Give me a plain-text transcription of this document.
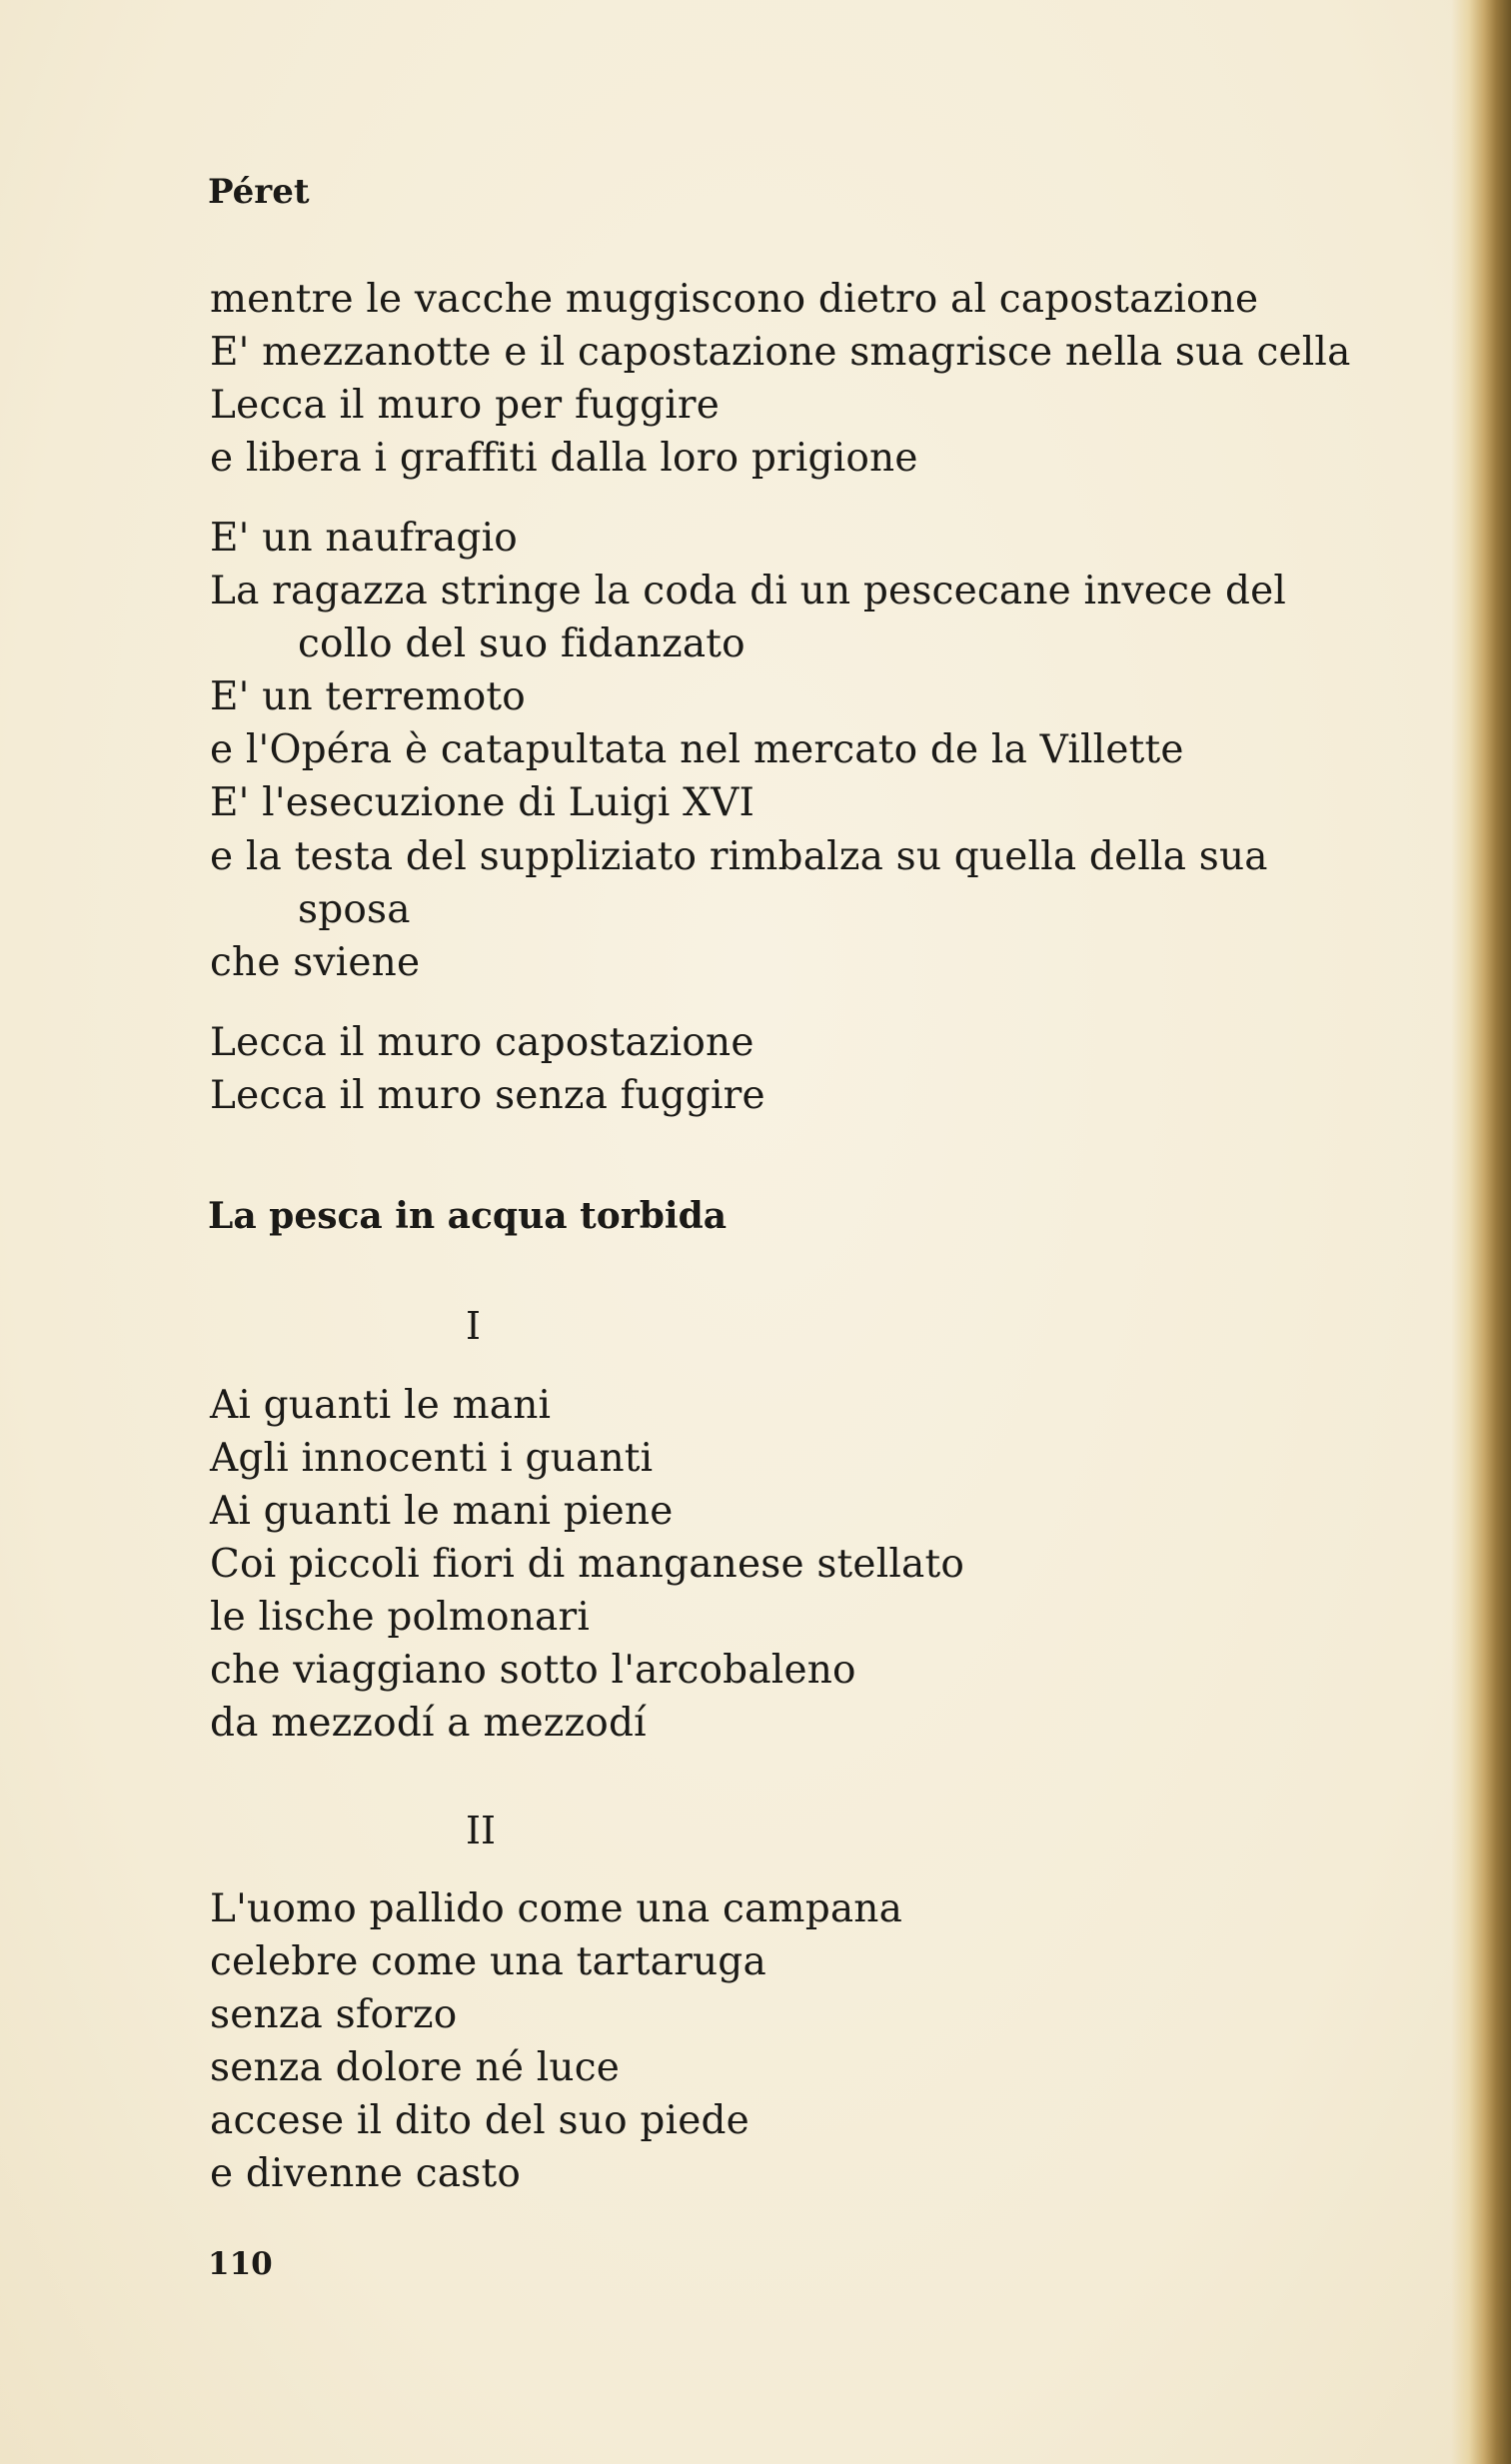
Péret

mentre le vacche muggiscono dietro al capostazione

E' mezzanotte e il capostazione smagrisce nella sua cella

Lecca il muro per fuggire

e libera i graffiti dalla loro prigione

E' un naufragio

La ragazza stringe la coda di un pescecane invece del

collo del suo fidanzato

E' un terremoto

e l'Opéra è catapultata nel mercato de la Villette

E' l'esecuzione di Luigi XVI

e la testa del suppliziato rimbalza su quella della sua

sposa

che sviene

Lecca il muro capostazione

Lecca il muro senza fuggire

La pesca in acqua torbida

I

Ai guanti le mani

Agli innocenti i guanti

Ai guanti le mani piene

Coi piccoli fiori di manganese stellato

le lische polmonari

che viaggiano sotto l'arcobaleno

da mezzodí a mezzodí

II

L'uomo pallido come una campana

celebre come una tartaruga

senza sforzo

senza dolore né luce

accese il dito del suo piede

e divenne casto

110
